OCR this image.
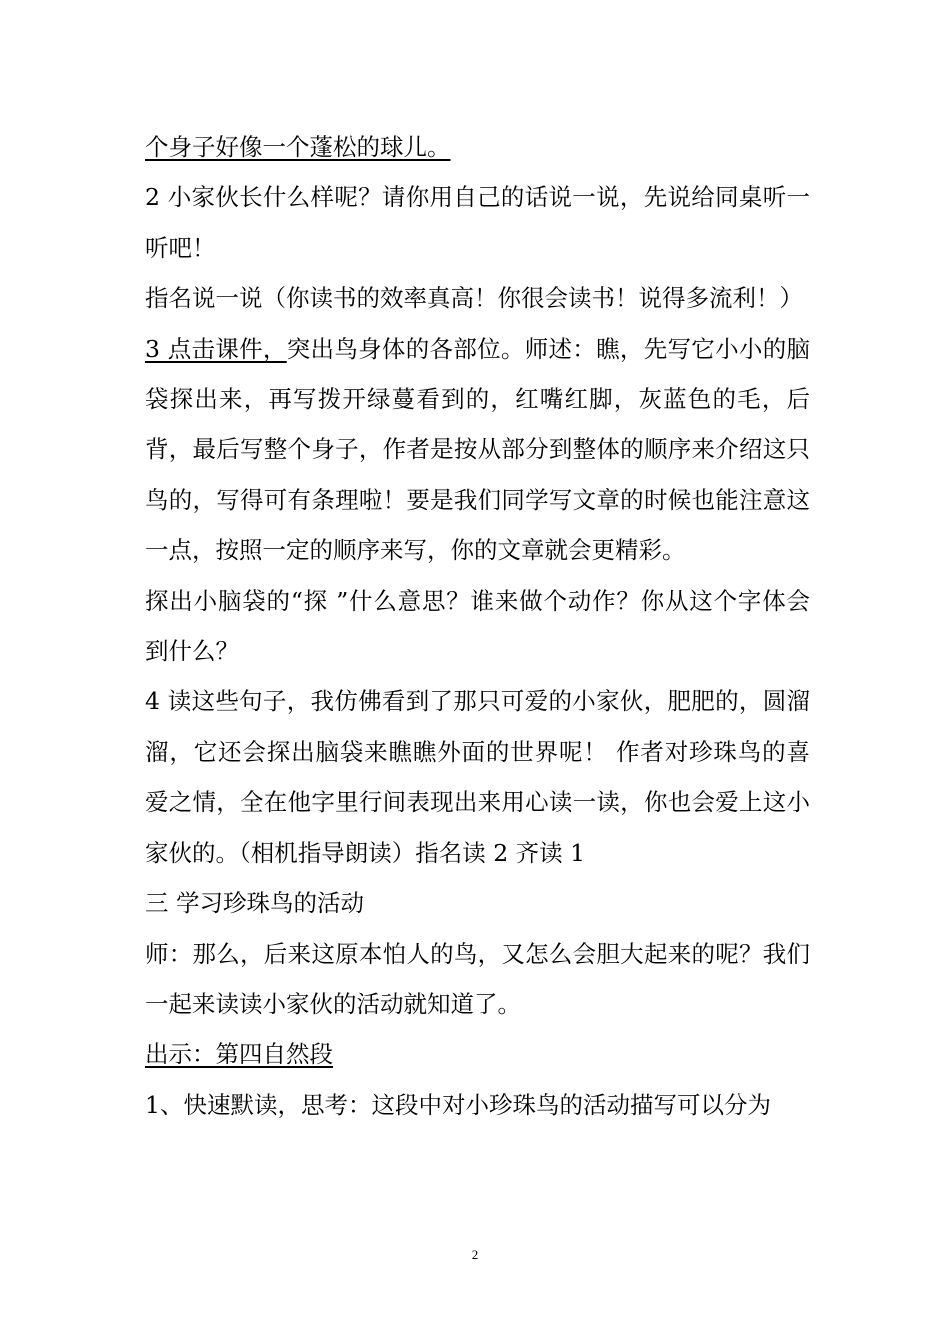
个身子好像一个蓬松的球儿。

2 小家伙长什么样呢？请你用自己的话说一说，先说给同桌听一听吧！

指名说一说（你读书的效率真高！你很会读书！说得多流利！）

3 点击课件，突出鸟身体的各部位。师述：瞧，先写它小小的脑袋探出来，再写拨开绿蔓看到的，红嘴红脚，灰蓝色的毛，后背，最后写整个身子，作者是按从部分到整体的顺序来介绍这只鸟的，写得可有条理啦！要是我们同学写文章的时候也能注意这一点，按照一定的顺序来写，你的文章就会更精彩。

探出小脑袋的“探 ”什么意思？谁来做个动作？你从这个字体会到什么？

4 读这些句子，我仿佛看到了那只可爱的小家伙，肥肥的，圆溜溜，它还会探出脑袋来瞧瞧外面的世界呢！ 作者对珍珠鸟的喜爱之情，全在他字里行间表现出来用心读一读，你也会爱上这小家伙的。（相机指导朗读）指名读 2 齐读 1

三 学习珍珠鸟的活动

师：那么，后来这原本怕人的鸟，又怎么会胆大起来的呢？我们一起来读读小家伙的活动就知道了。

出示：第四自然段

1、快速默读，思考：这段中对小珍珠鸟的活动描写可以分为

2
